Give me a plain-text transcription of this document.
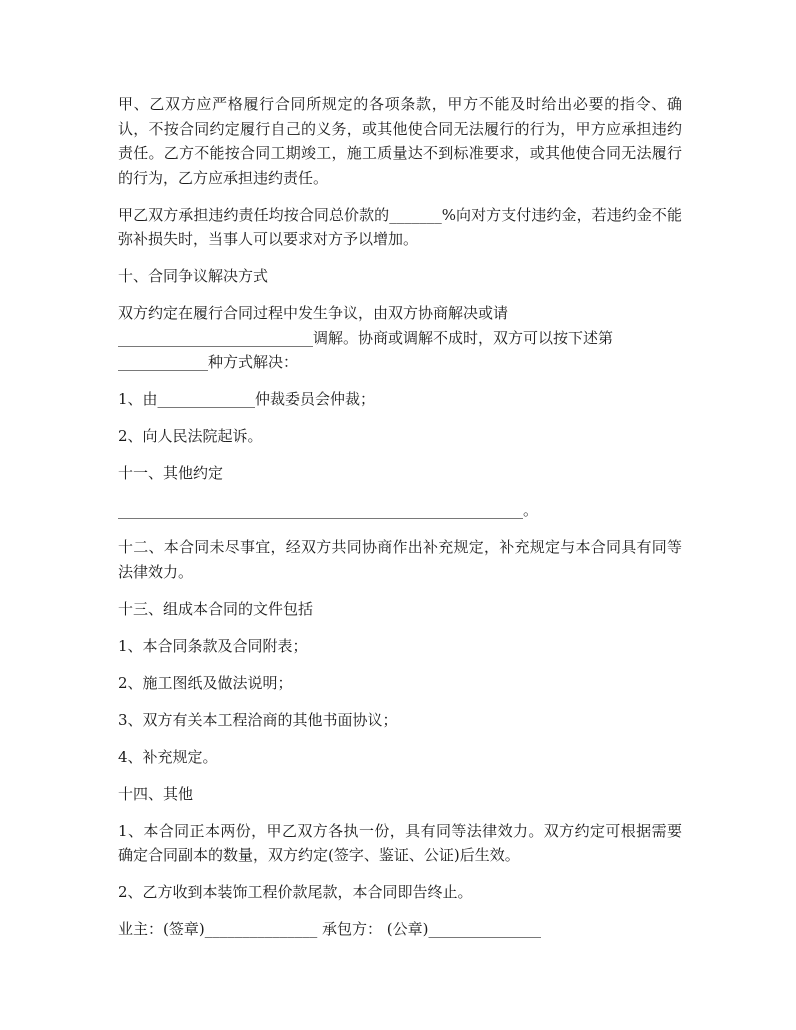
甲、乙双方应严格履行合同所规定的各项条款，甲方不能及时给出必要的指令、确认，不按合同约定履行自己的义务，或其他使合同无法履行的行为，甲方应承担违约责任。乙方不能按合同工期竣工，施工质量达不到标准要求，或其他使合同无法履行的行为，乙方应承担违约责任。

甲乙双方承担违约责任均按合同总价款的_______%向对方支付违约金，若违约金不能弥补损失时，当事人可以要求对方予以增加。

十、合同争议解决方式

双方约定在履行合同过程中发生争议，由双方协商解决或请
__________________________调解。协商或调解不成时，双方可以按下述第
____________种方式解决：

1、由_____________仲裁委员会仲裁；

2、向人民法院起诉。

十一、其他约定

______________________________________________________。

十二、本合同未尽事宜，经双方共同协商作出补充规定，补充规定与本合同具有同等法律效力。

十三、组成本合同的文件包括

1、本合同条款及合同附表；

2、施工图纸及做法说明；

3、双方有关本工程洽商的其他书面协议；

4、补充规定。

十四、其他

1、本合同正本两份，甲乙双方各执一份，具有同等法律效力。双方约定可根据需要确定合同副本的数量，双方约定(签字、鉴证、公证)后生效。

2、乙方收到本装饰工程价款尾款，本合同即告终止。

业主：(签章)_______________ 承包方： (公章)_______________
